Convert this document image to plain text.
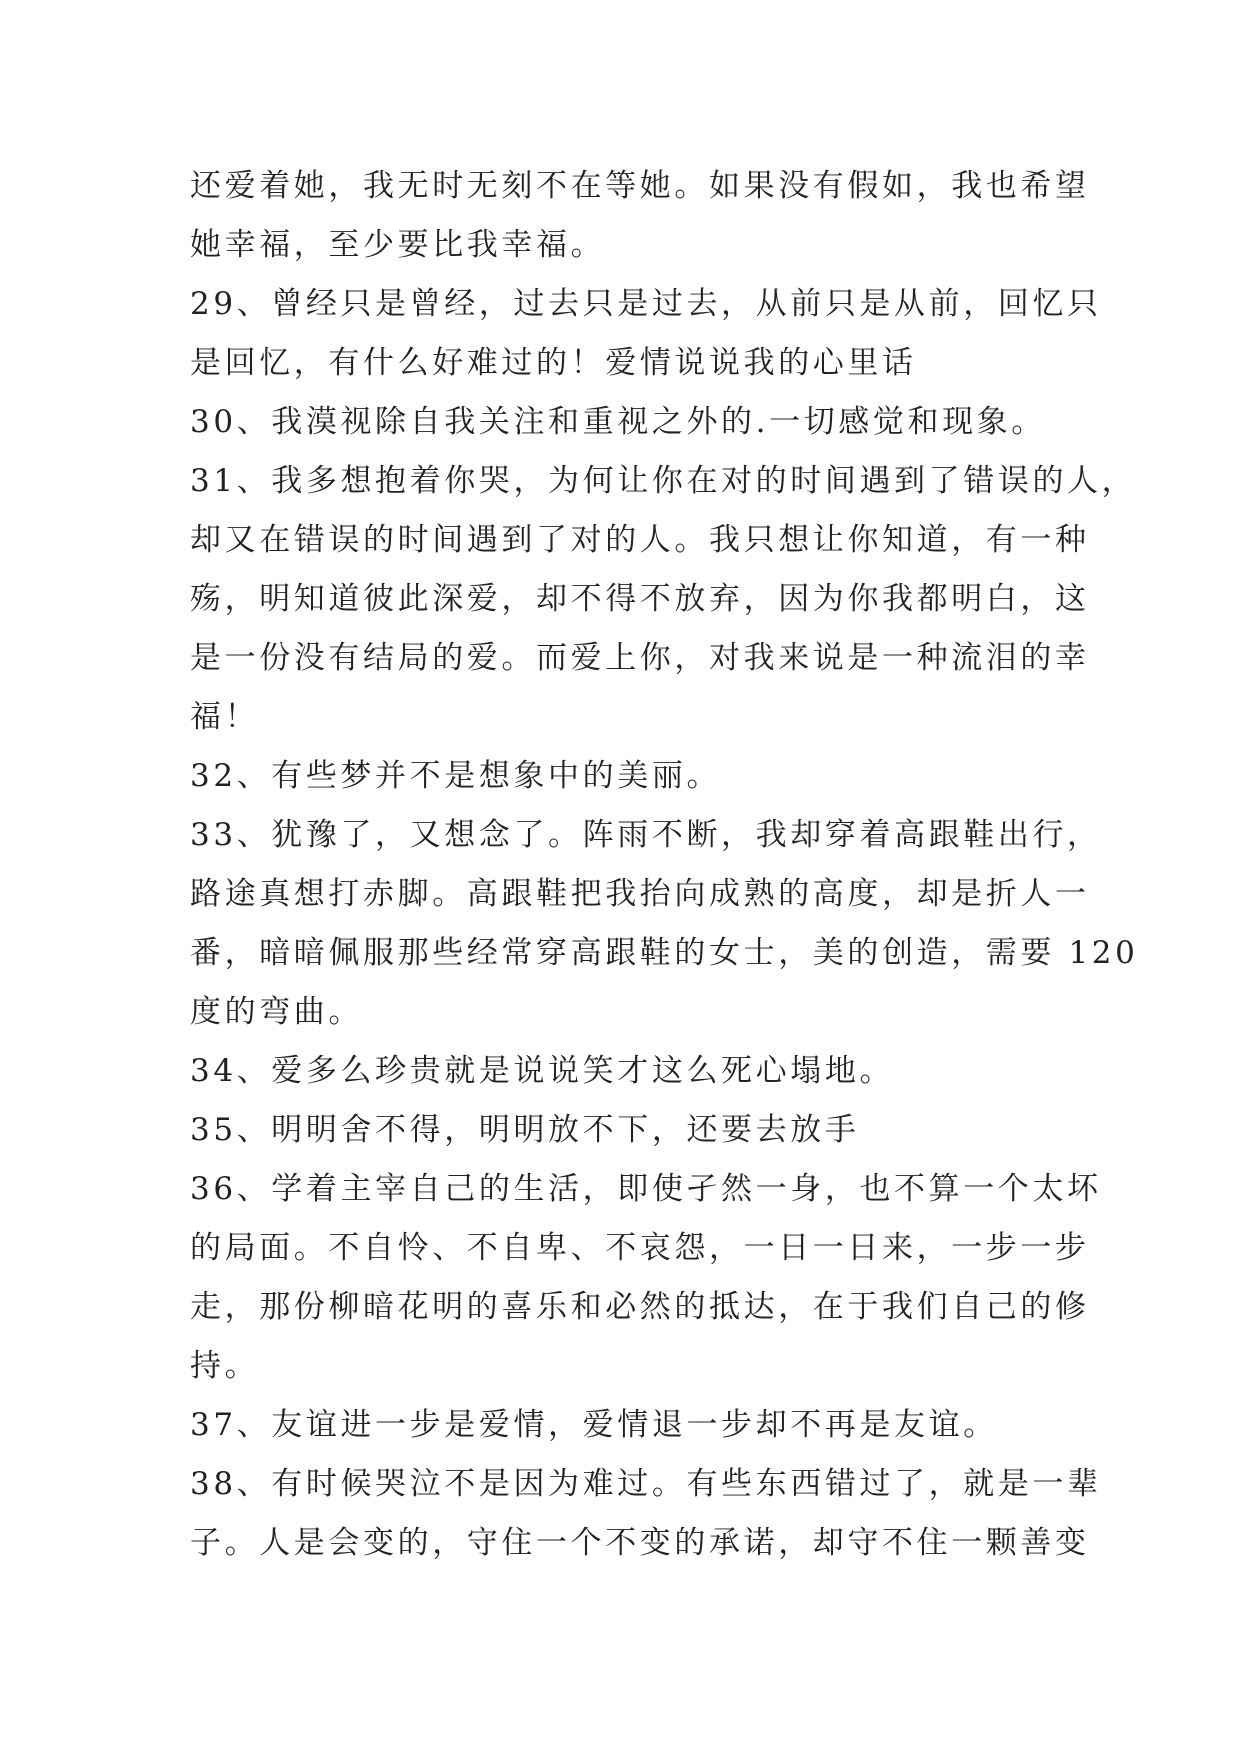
还爱着她，我无时无刻不在等她。如果没有假如，我也希望
她幸福，至少要比我幸福。
29、曾经只是曾经，过去只是过去，从前只是从前，回忆只
是回忆，有什么好难过的！爱情说说我的心里话
30、我漠视除自我关注和重视之外的.一切感觉和现象。
31、我多想抱着你哭，为何让你在对的时间遇到了错误的人，
却又在错误的时间遇到了对的人。我只想让你知道，有一种
殇，明知道彼此深爱，却不得不放弃，因为你我都明白，这
是一份没有结局的爱。而爱上你，对我来说是一种流泪的幸
福！
32、有些梦并不是想象中的美丽。
33、犹豫了，又想念了。阵雨不断，我却穿着高跟鞋出行，
路途真想打赤脚。高跟鞋把我抬向成熟的高度，却是折人一
番，暗暗佩服那些经常穿高跟鞋的女士，美的创造，需要 120
度的弯曲。
34、爱多么珍贵就是说说笑才这么死心塌地。
35、明明舍不得，明明放不下，还要去放手
36、学着主宰自己的生活，即使孑然一身，也不算一个太坏
的局面。不自怜、不自卑、不哀怨，一日一日来，一步一步
走，那份柳暗花明的喜乐和必然的抵达，在于我们自己的修
持。
37、友谊进一步是爱情，爱情退一步却不再是友谊。
38、有时候哭泣不是因为难过。有些东西错过了，就是一辈
子。人是会变的，守住一个不变的承诺，却守不住一颗善变
